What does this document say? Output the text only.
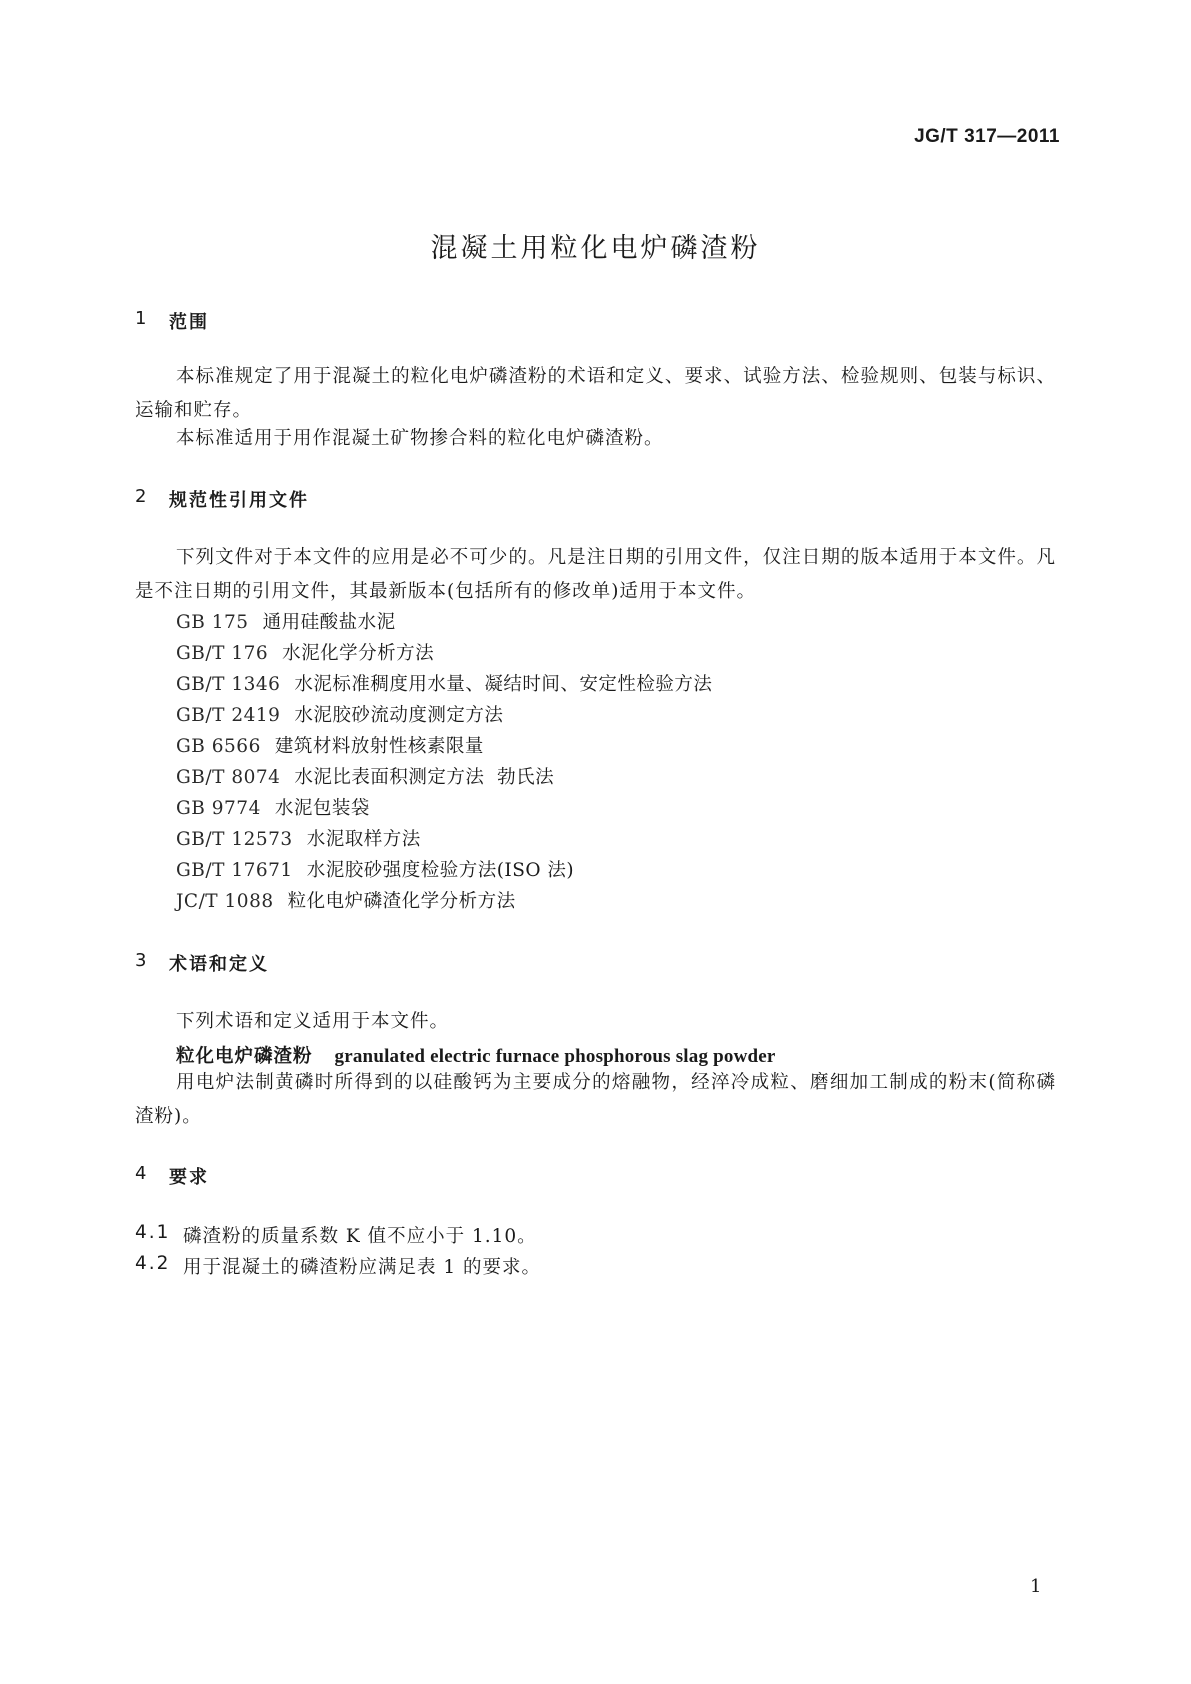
JG/T 317—2011
混凝土用粒化电炉磷渣粉
1	范围

本标准规定了用于混凝土的粒化电炉磷渣粉的术语和定义、要求、试验方法、检验规则、包装与标识、运输和贮存。

本标准适用于用作混凝土矿物掺合料的粒化电炉磷渣粉。

2	规范性引用文件

下列文件对于本文件的应用是必不可少的。凡是注日期的引用文件，仅注日期的版本适用于本文件。凡是不注日期的引用文件，其最新版本(包括所有的修改单)适用于本文件。

GB 175 通用硅酸盐水泥

GB/T 176 水泥化学分析方法

GB/T 1346 水泥标准稠度用水量、凝结时间、安定性检验方法

GB/T 2419 水泥胶砂流动度测定方法

GB 6566 建筑材料放射性核素限量

GB/T 8074 水泥比表面积测定方法  勃氏法

GB 9774 水泥包装袋

GB/T 12573 水泥取样方法

GB/T 17671 水泥胶砂强度检验方法(ISO 法)

JC/T 1088 粒化电炉磷渣化学分析方法

3	术语和定义

下列术语和定义适用于本文件。

粒化电炉磷渣粉 granulated electric furnace phosphorous slag powder

用电炉法制黄磷时所得到的以硅酸钙为主要成分的熔融物，经淬冷成粒、磨细加工制成的粉末(简称磷渣粉)。

4	要求

4.1 磷渣粉的质量系数 K 值不应小于 1.10。

4.2 用于混凝土的磷渣粉应满足表 1 的要求。

1
